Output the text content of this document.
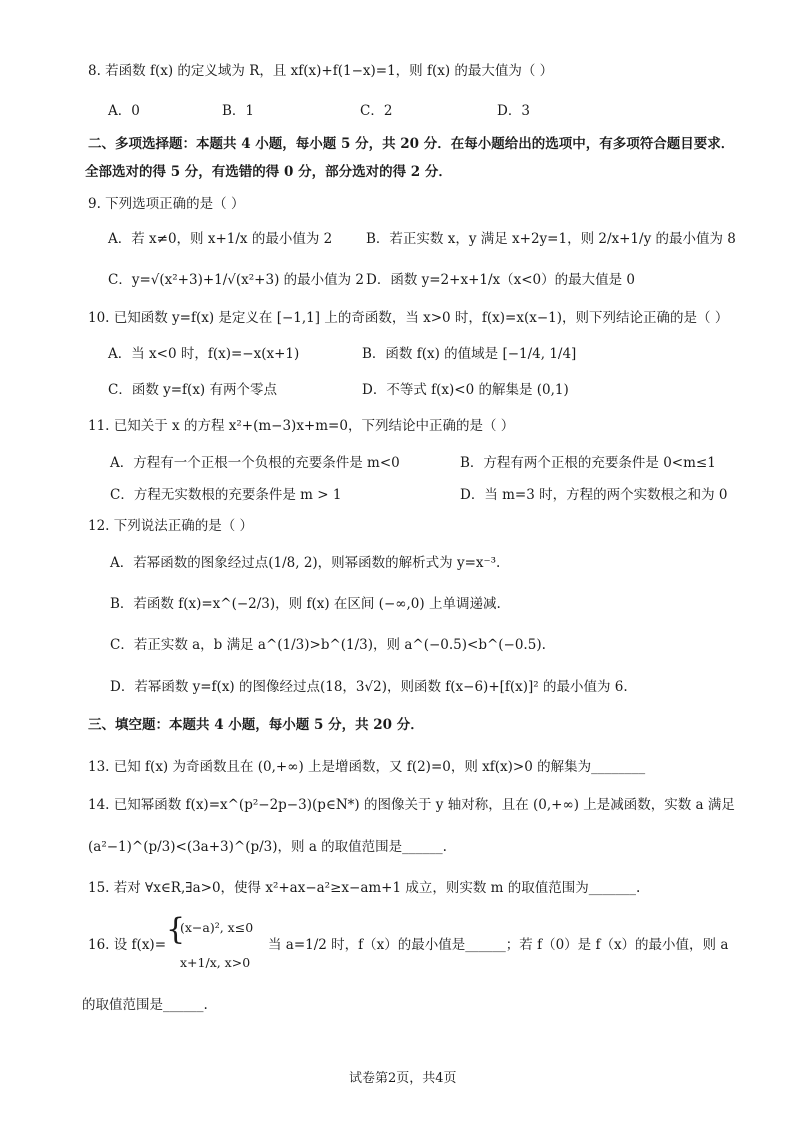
8. 若函数 f(x) 的定义域为 R，且 xf(x)+f(1−x)=1，则 f(x) 的最大值为（ ）
A．0	B．1	C．2	D．3
二、多项选择题：本题共 4 小题，每小题 5 分，共 20 分．在每小题给出的选项中，有多项符合题目要求．
全部选对的得 5 分，有选错的得 0 分，部分选对的得 2 分．
9. 下列选项正确的是（ ）
A．若 x≠0，则 x+1/x 的最小值为 2	B．若正实数 x，y 满足 x+2y=1，则 2/x+1/y 的最小值为 8
C．y=√(x²+3)+1/√(x²+3) 的最小值为 2 D．函数 y=2+x+1/x（x<0）的最大值是 0
10. 已知函数 y=f(x) 是定义在 [−1,1] 上的奇函数，当 x>0 时，f(x)=x(x−1)，则下列结论正确的是（ ）
A．当 x<0 时，f(x)=−x(x+1)	B．函数 f(x) 的值域是 [−1/4, 1/4]
C．函数 y=f(x) 有两个零点	D．不等式 f(x)<0 的解集是 (0,1)
11. 已知关于 x 的方程 x²+(m−3)x+m=0，下列结论中正确的是（ ）
A．方程有一个正根一个负根的充要条件是 m<0	B．方程有两个正根的充要条件是 0<m≤1
C．方程无实数根的充要条件是 m > 1	D．当 m=3 时，方程的两个实数根之和为 0
12. 下列说法正确的是（ ）
A．若幂函数的图象经过点(1/8, 2)，则幂函数的解析式为 y=x⁻³.
B．若函数 f(x)=x^(−2/3)，则 f(x) 在区间 (−∞,0) 上单调递减.
C．若正实数 a，b 满足 a^(1/3)>b^(1/3)，则 a^(−0.5)<b^(−0.5).
D．若幂函数 y=f(x) 的图像经过点(18，3√2)，则函数 f(x−6)+[f(x)]² 的最小值为 6.
三、填空题：本题共 4 小题，每小题 5 分，共 20 分．
13. 已知 f(x) 为奇函数且在 (0,+∞) 上是增函数，又 f(2)=0，则 xf(x)>0 的解集为________
14. 已知幂函数 f(x)=x^(p²−2p−3)(p∈N*) 的图像关于 y 轴对称，且在 (0,+∞) 上是减函数，实数 a 满足
(a²−1)^(p/3)<(3a+3)^(p/3)，则 a 的取值范围是______.
15. 若对 ∀x∈R,∃a>0，使得 x²+ax−a²≥x−am+1 成立，则实数 m 的取值范围为_______.
16. 设 f(x)= {
(x−a)², x≤0
x+1/x, x>0
当 a=1/2 时，f（x）的最小值是______；若 f（0）是 f（x）的最小值，则 a
的取值范围是______.
试卷第2页，共4页
